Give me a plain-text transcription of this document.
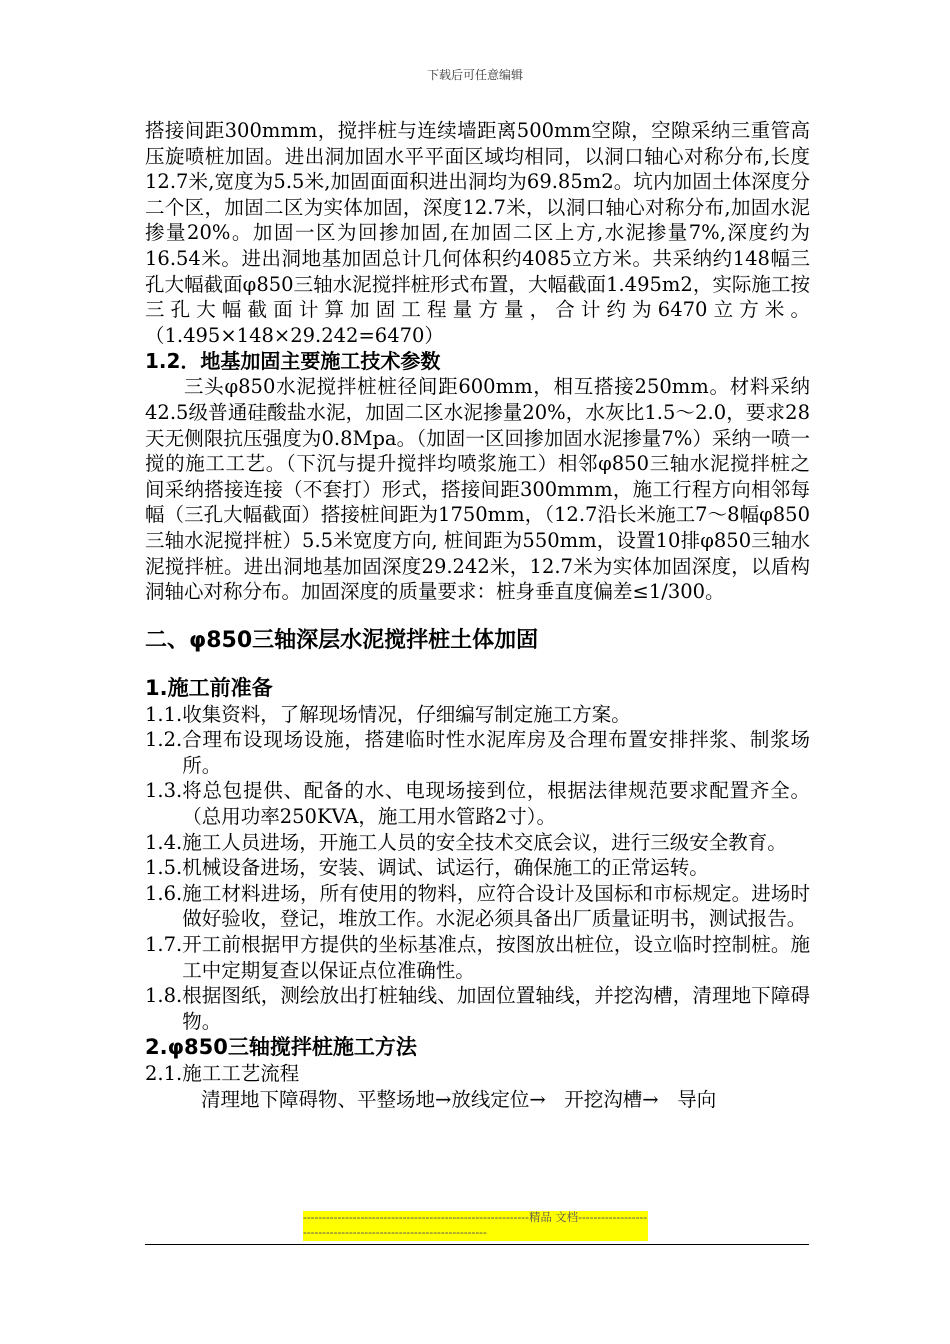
下载后可任意编辑

搭接间距300mmm，搅拌桩与连续墙距离500mm空隙，空隙采纳三重管高压旋喷桩加固。进出洞加固水平平面区域均相同，以洞口轴心对称分布,长度12.7米,宽度为5.5米,加固面面积进出洞均为69.85m2。坑内加固土体深度分二个区，加固二区为实体加固，深度12.7米，以洞口轴心对称分布,加固水泥掺量20%。加固一区为回掺加固,在加固二区上方,水泥掺量7%,深度约为16.54米。进出洞地基加固总计几何体积约4085立方米。共采纳约148幅三孔大幅截面φ850三轴水泥搅拌桩形式布置，大幅截面1.495m2，实际施工按三孔大幅截面计算加固工程量方量，合计约为6470立方米。（1.495×148×29.242=6470）

1.2．地基加固主要施工技术参数

三头φ850水泥搅拌桩桩径间距600mm，相互搭接250mm。材料采纳42.5级普通硅酸盐水泥，加固二区水泥掺量20%，水灰比1.5～2.0，要求28天无侧限抗压强度为0.8Mpa。（加固一区回掺加固水泥掺量7%）采纳一喷一搅的施工工艺。（下沉与提升搅拌均喷浆施工）相邻φ850三轴水泥搅拌桩之间采纳搭接连接（不套打）形式，搭接间距300mmm，施工行程方向相邻每幅（三孔大幅截面）搭接桩间距为1750mm，（12.7沿长米施工7～8幅φ850三轴水泥搅拌桩）5.5米宽度方向, 桩间距为550mm，设置10排φ850三轴水泥搅拌桩。进出洞地基加固深度29.242米，12.7米为实体加固深度，以盾构洞轴心对称分布。加固深度的质量要求：桩身垂直度偏差≤1/300。

二、φ850三轴深层水泥搅拌桩土体加固
1.施工前准备
1.1. 收集资料，了解现场情况，仔细编写制定施工方案。
1.2. 合理布设现场设施，搭建临时性水泥库房及合理布置安排拌浆、制浆场所。
1.3. 将总包提供、配备的水、电现场接到位，根据法律规范要求配置齐全。（总用功率250KVA，施工用水管路2寸）。
1.4. 施工人员进场，开施工人员的安全技术交底会议，进行三级安全教育。
1.5. 机械设备进场，安装、调试、试运行，确保施工的正常运转。
1.6. 施工材料进场，所有使用的物料，应符合设计及国标和市标规定。进场时做好验收，登记，堆放工作。水泥必须具备出厂质量证明书，测试报告。
1.7. 开工前根据甲方提供的坐标基准点，按图放出桩位，设立临时控制桩。施工中定期复查以保证点位准确性。
1.8. 根据图纸，测绘放出打桩轴线、加固位置轴线，并挖沟槽，清理地下障碍物。
2.φ850三轴搅拌桩施工方法

2.1.施工工艺流程

清理地下障碍物、平整场地→放线定位→   开挖沟槽→   导向

-----------------------------------------------------------精品 文档------------------------------------------------------------------
